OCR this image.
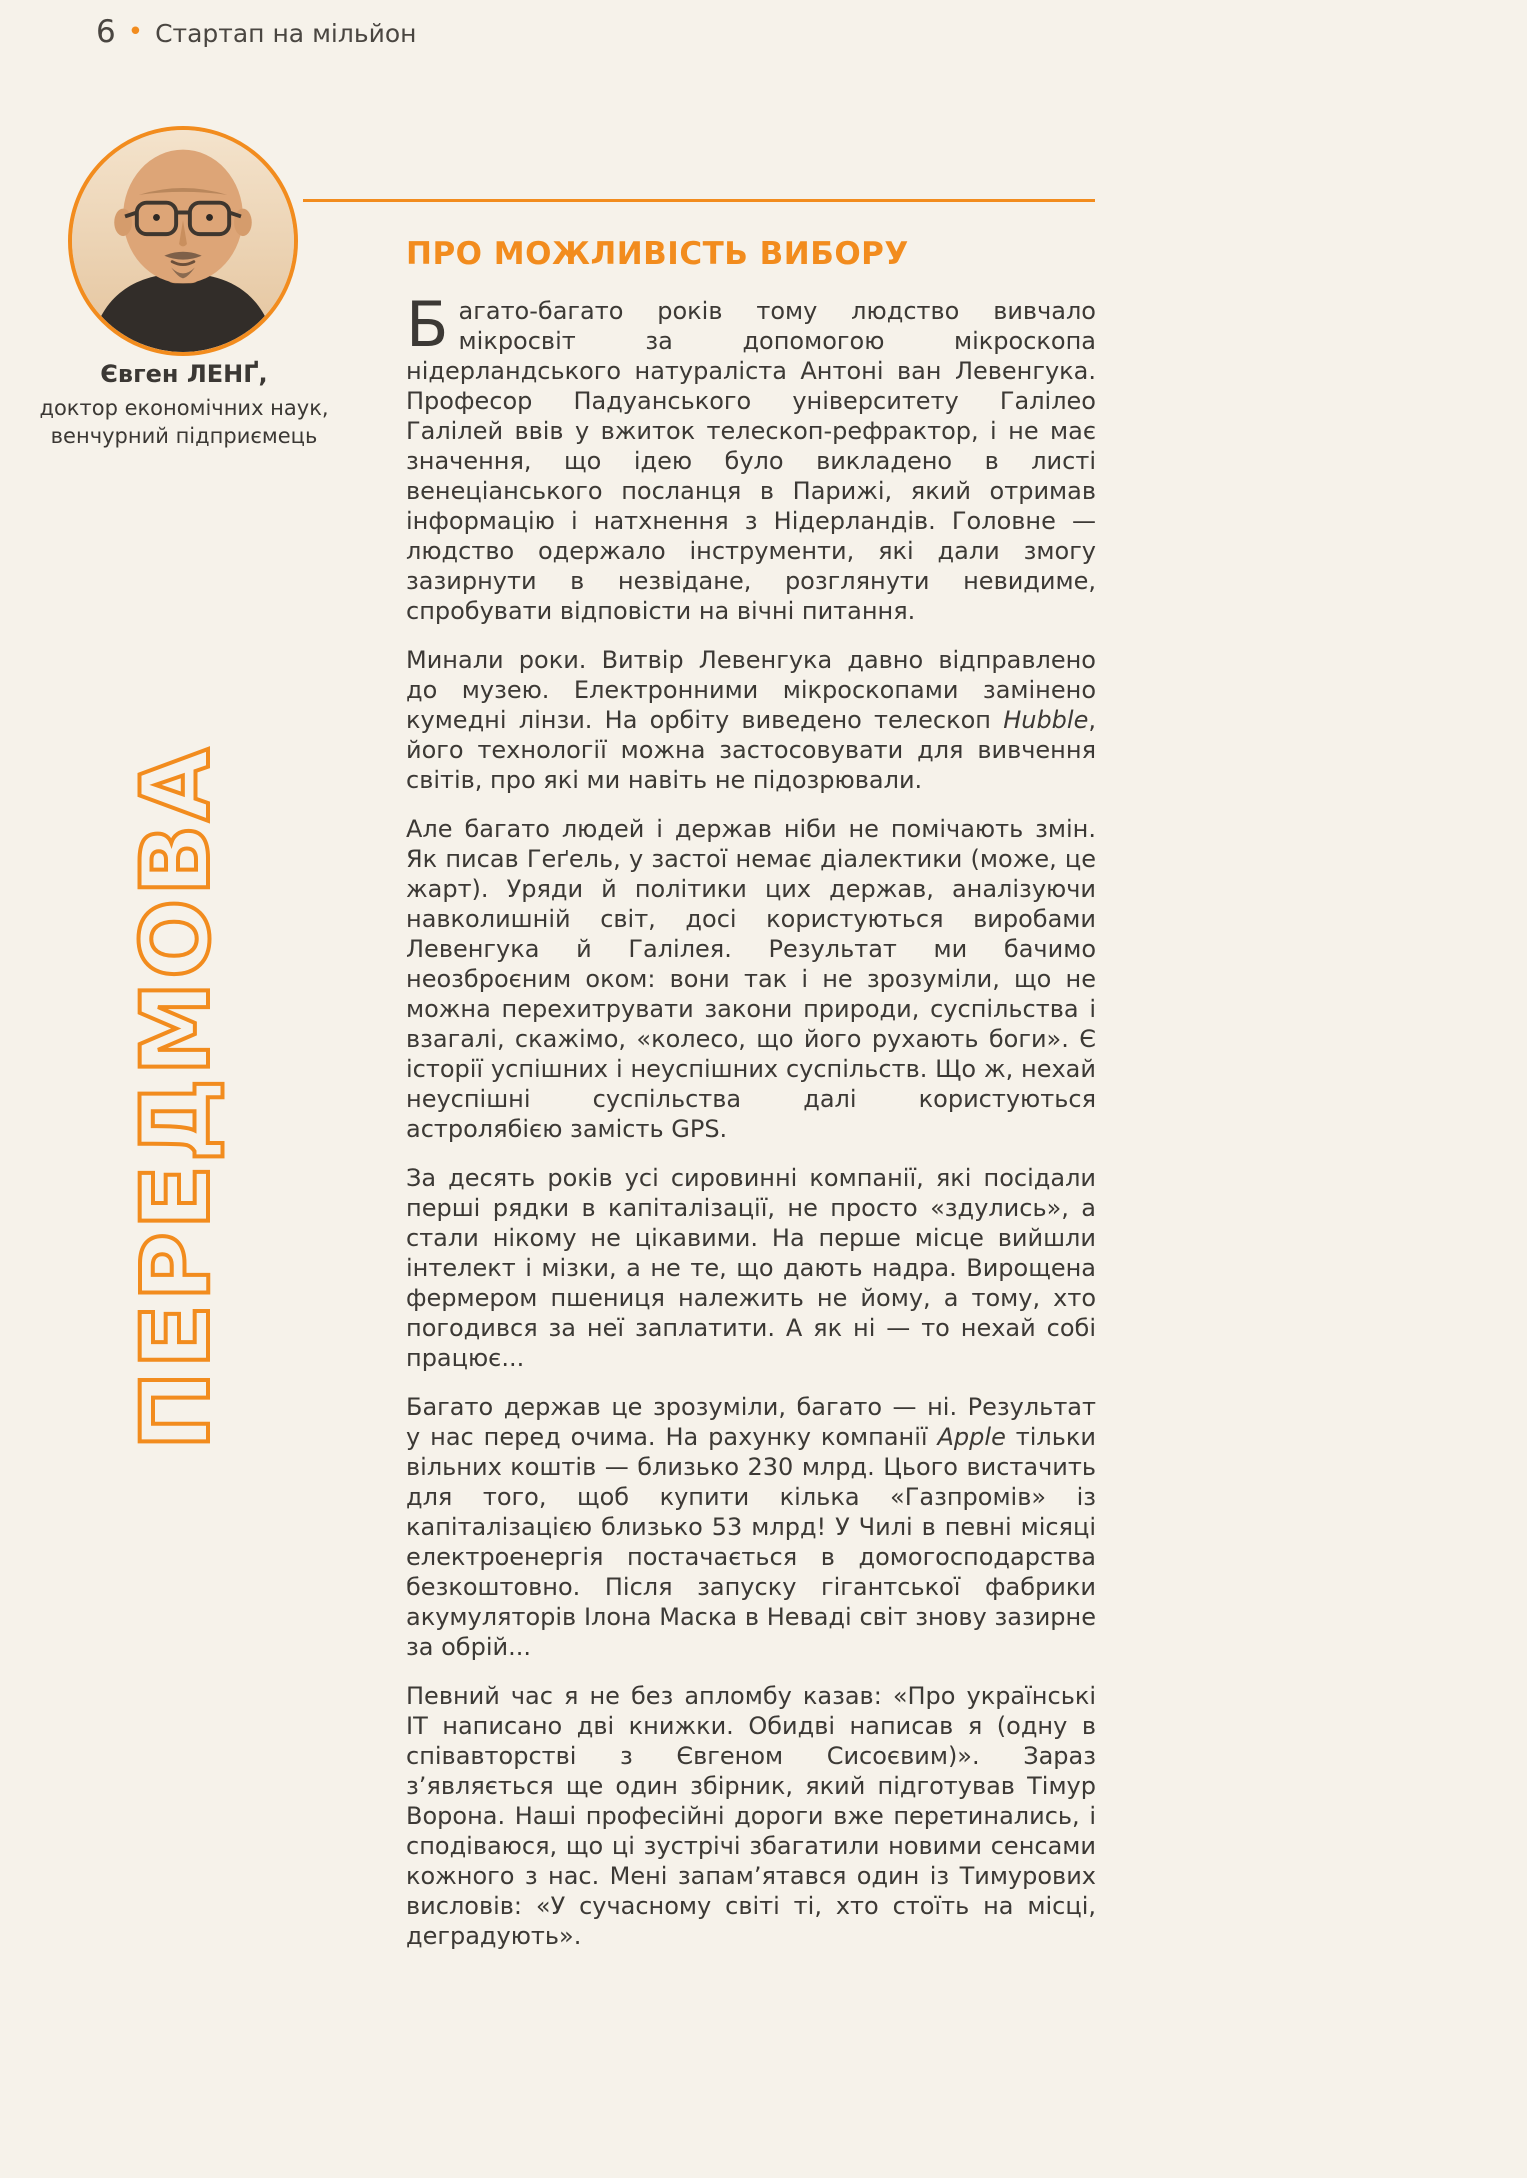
6 • Стартап на мільйон
Євген ЛЕНҐ,
доктор економічних наук,
венчурний підприємець
ПЕРЕДМОВА
ПРО МОЖЛИВІСТЬ ВИБОРУ

Багато-багато років тому людство вивчало мікросвіт за допомогою мікроскопа нідерландського натураліста Антоні ван Левенгука. Професор Падуанського університету Галілео Галілей ввів у вжиток телескоп-рефрактор, і не має значення, що ідею було викладено в листі венеціанського посланця в Парижі, який отримав інформацію і натхнення з Нідерландів. Головне — людство одержало інструменти, які дали змогу зазирнути в незвідане, розглянути невидиме, спробувати відповісти на вічні питання.

Минали роки. Витвір Левенгука давно відправлено до музею. Електронними мікроскопами замінено кумедні лінзи. На орбіту виведено телескоп Hubble, його технології можна застосовувати для вивчення світів, про які ми навіть не підозрювали.

Але багато людей і держав ніби не помічають змін. Як писав Геґель, у застої немає діалектики (може, це жарт). Уряди й політики цих держав, аналізуючи навколишній світ, досі користуються виробами Левенгука й Галілея. Результат ми бачимо неозброєним оком: вони так і не зрозуміли, що не можна перехитрувати закони природи, суспільства і взагалі, скажімо, «колесо, що його рухають боги». Є історії успішних і неуспішних суспільств. Що ж, нехай неуспішні суспільства далі користуються астролябією замість GPS.

За десять років усі сировинні компанії, які посідали перші рядки в капіталізації, не просто «здулись», а стали нікому не цікавими. На перше місце вийшли інтелект і мізки, а не те, що дають надра. Вирощена фермером пшениця належить не йому, а тому, хто погодився за неї заплатити. А як ні — то нехай собі працює...

Багато держав це зрозуміли, багато — ні. Результат у нас перед очима. На рахунку компанії Apple тільки вільних коштів — близько 230 млрд. Цього вистачить для того, щоб купити кілька «Газпромів» із капіталізацією близько 53 млрд! У Чилі в певні місяці електроенергія постачається в домогосподарства безкоштовно. Після запуску гігантської фабрики акумуляторів Ілона Маска в Неваді світ знову зазирне за обрій...

Певний час я не без апломбу казав: «Про українські ІТ написано дві книжки. Обидві написав я (одну в співавторстві з Євгеном Сисоєвим)». Зараз з’являється ще один збірник, який підготував Тімур Ворона. Наші професійні дороги вже перетинались, і сподіваюся, що ці зустрічі збагатили новими сенсами кожного з нас. Мені запам’ятався один із Тимурових висловів: «У сучасному світі ті, хто стоїть на місці, деградують».
